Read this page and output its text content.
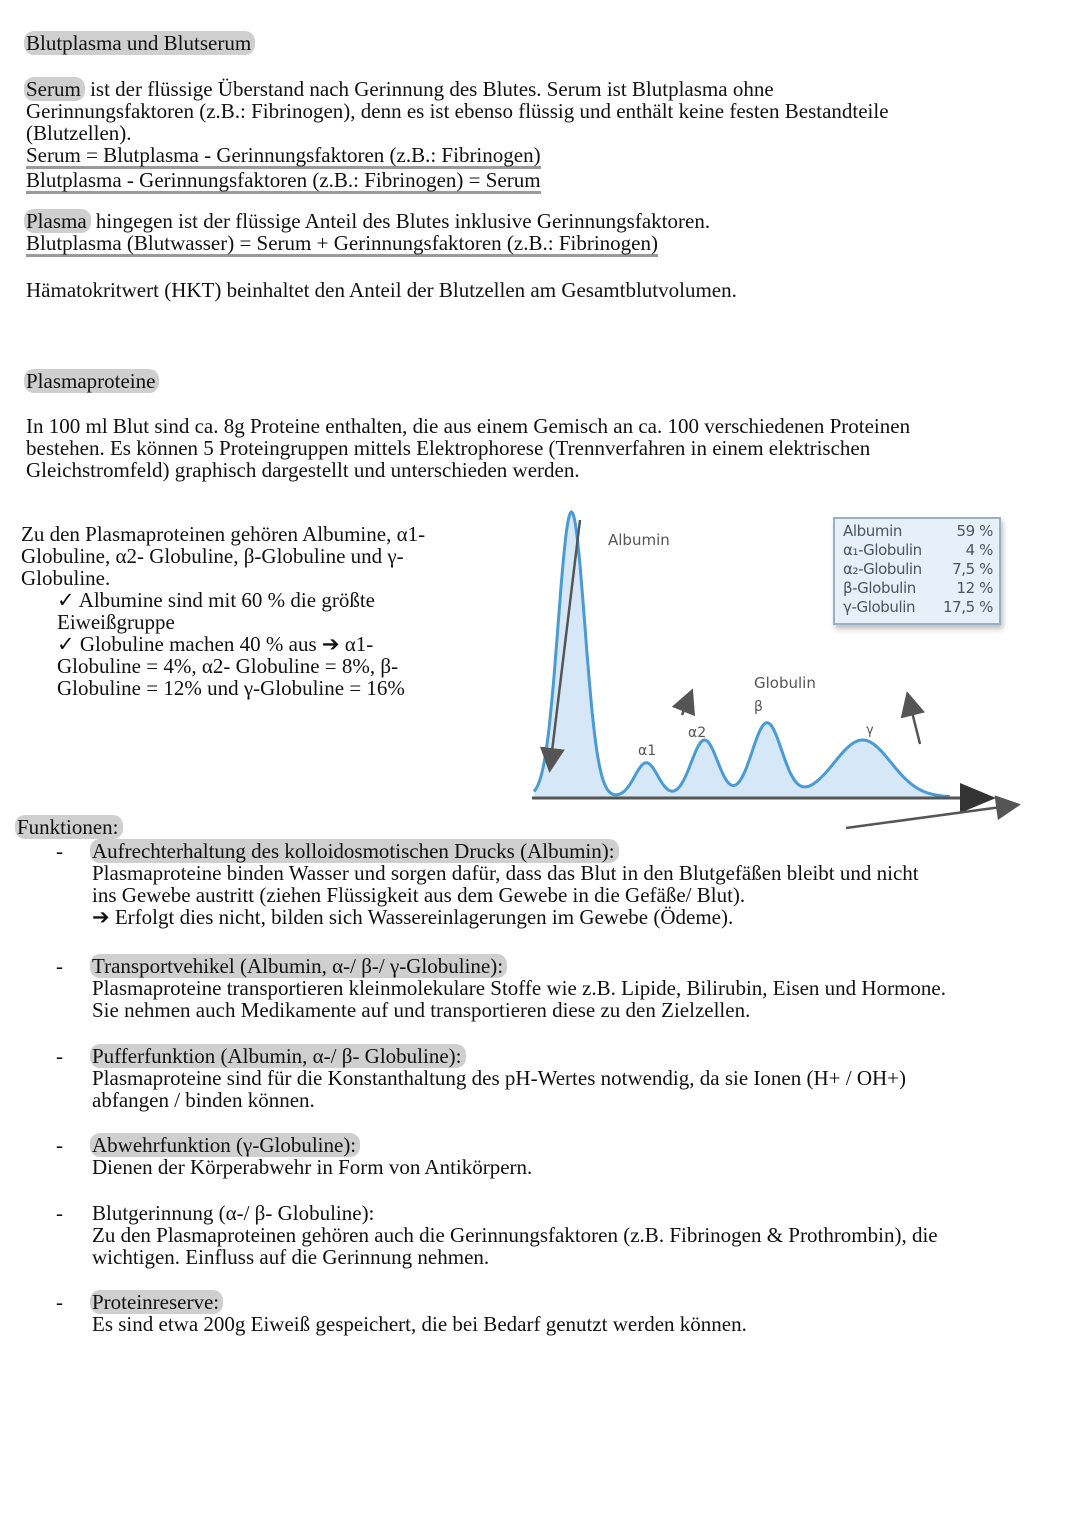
Blutplasma und Blutserum
Serum ist der flüssige Überstand nach Gerinnung des Blutes. Serum ist Blutplasma ohne
Gerinnungsfaktoren (z.B.: Fibrinogen), denn es ist ebenso flüssig und enthält keine festen Bestandteile
(Blutzellen).
Serum = Blutplasma - Gerinnungsfaktoren (z.B.: Fibrinogen)
Blutplasma - Gerinnungsfaktoren (z.B.: Fibrinogen) = Serum
Plasma hingegen ist der flüssige Anteil des Blutes inklusive Gerinnungsfaktoren.
Blutplasma (Blutwasser) = Serum + Gerinnungsfaktoren (z.B.: Fibrinogen)
Hämatokritwert (HKT) beinhaltet den Anteil der Blutzellen am Gesamtblutvolumen.
Plasmaproteine
In 100 ml Blut sind ca. 8g Proteine enthalten, die aus einem Gemisch an ca. 100 verschiedenen Proteinen
bestehen. Es können 5 Proteingruppen mittels Elektrophorese (Trennverfahren in einem elektrischen
Gleichstromfeld) graphisch dargestellt und unterschieden werden.
Zu den Plasmaproteinen gehören Albumine, α1-
Globuline, α2- Globuline, β-Globuline und γ-
Globuline.
✓ Albumine sind mit 60 % die größte
Eiweißgruppe
✓ Globuline machen 40 % aus ➔ α1-
Globuline = 4%, α2- Globuline = 8%, β-
Globuline = 12% und γ-Globuline = 16%
Albumin
Globulin
α1
α2
β
γ
Albumin	59 %
α₁-Globulin	4 %
α₂-Globulin 7,5 %
β-Globulin	12 %
γ-Globulin 17,5 %
Funktionen:
- Aufrechterhaltung des kolloidosmotischen Drucks (Albumin):
Plasmaproteine binden Wasser und sorgen dafür, dass das Blut in den Blutgefäßen bleibt und nicht
ins Gewebe austritt (ziehen Flüssigkeit aus dem Gewebe in die Gefäße/ Blut).
➔ Erfolgt dies nicht, bilden sich Wassereinlagerungen im Gewebe (Ödeme).
- Transportvehikel (Albumin, α-/ β-/ γ-Globuline):
Plasmaproteine transportieren kleinmolekulare Stoffe wie z.B. Lipide, Bilirubin, Eisen und Hormone.
Sie nehmen auch Medikamente auf und transportieren diese zu den Zielzellen.
- Pufferfunktion (Albumin, α-/ β- Globuline):
Plasmaproteine sind für die Konstanthaltung des pH-Wertes notwendig, da sie Ionen (H+ / OH+)
abfangen / binden können.
- Abwehrfunktion (γ-Globuline):
Dienen der Körperabwehr in Form von Antikörpern.
- Blutgerinnung (α-/ β- Globuline):
Zu den Plasmaproteinen gehören auch die Gerinnungsfaktoren (z.B. Fibrinogen & Prothrombin), die
wichtigen. Einfluss auf die Gerinnung nehmen.
- Proteinreserve:
Es sind etwa 200g Eiweiß gespeichert, die bei Bedarf genutzt werden können.
